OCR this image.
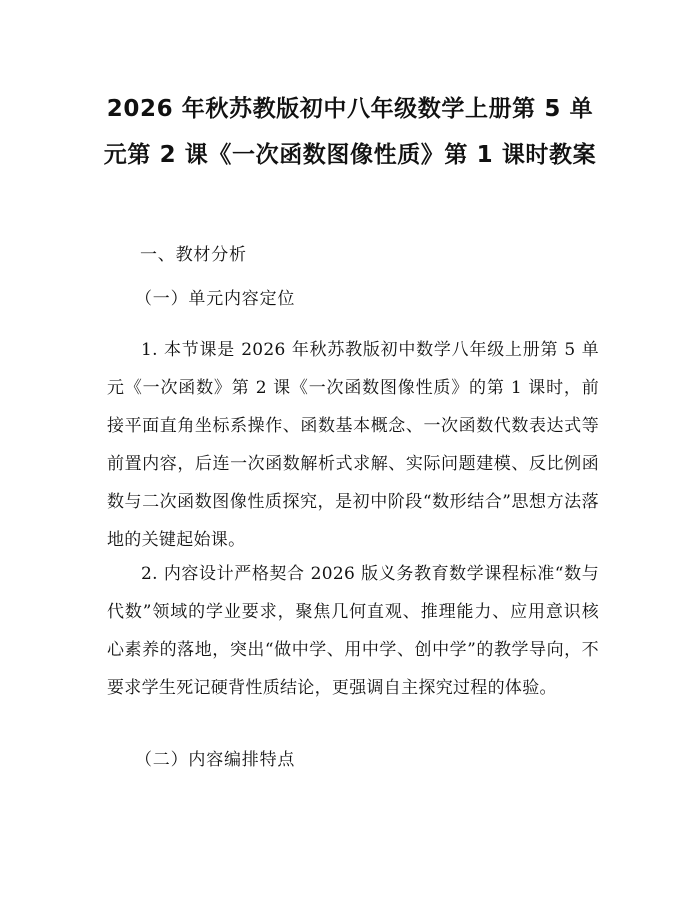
2026 年秋苏教版初中八年级数学上册第 5 单元第 2 课《一次函数图像性质》第 1 课时教案
一、教材分析
（一）单元内容定位

1. 本节课是 2026 年秋苏教版初中数学八年级上册第 5 单元《一次函数》第 2 课《一次函数图像性质》的第 1 课时，前接平面直角坐标系操作、函数基本概念、一次函数代数表达式等前置内容，后连一次函数解析式求解、实际问题建模、反比例函数与二次函数图像性质探究，是初中阶段“数形结合”思想方法落地的关键起始课。

2. 内容设计严格契合 2026 版义务教育数学课程标准“数与代数”领域的学业要求，聚焦几何直观、推理能力、应用意识核心素养的落地，突出“做中学、用中学、创中学”的教学导向，不要求学生死记硬背性质结论，更强调自主探究过程的体验。

（二）内容编排特点
